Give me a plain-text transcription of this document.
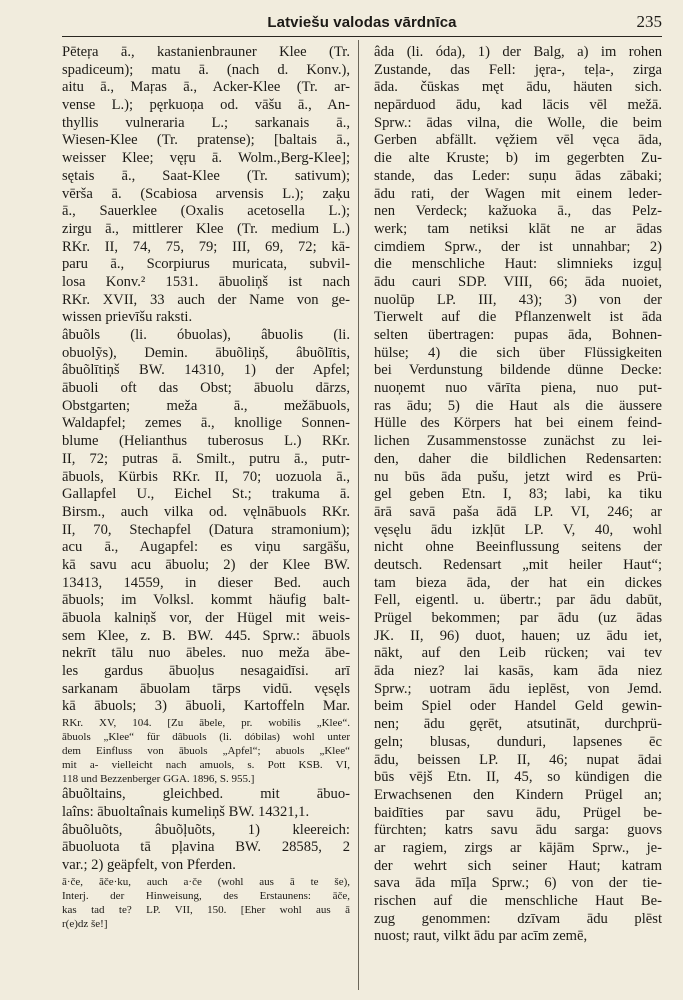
Latviešu valodas vārdnīca	235
Pēteŗa ā., kastanienbrauner Klee (Tr.
spadiceum); matu ā. (nach d. Konv.),
aitu ā., Maŗas ā., Acker-Klee (Tr. ar-
vense L.); pęrkuoņa od. vāšu ā., An-
thyllis vulneraria L.; sarkanais ā.,
Wiesen-Klee (Tr. pratense); [baltais ā.,
weisser Klee; vęŗu ā. Wolm.,Berg-Klee];
sętais ā., Saat-Klee (Tr. sativum);
vērša ā. (Scabiosa arvensis L.); zaķu
ā., Sauerklee (Oxalis acetosella L.);
zirgu ā., mittlerer Klee (Tr. medium L.)
RKr. II, 74, 75, 79; III, 69, 72; kā-
paru ā., Scorpiurus muricata, subvil-
losa Konv.² 1531. ābuoliņš ist nach
RKr. XVII, 33 auch der Name von ge-
wissen prievīšu raksti.
âbuõls (li. óbuolas), âbuolis (li.
obuolỹs), Demin. ābuõliņš, âbuõlītis,
âbuõlītiņš BW. 14310, 1) der Apfel;
ābuoli oft das Obst; ābuolu dārzs,
Obstgarten; meža ā., mežābuols,
Waldapfel; zemes ā., knollige Sonnen-
blume (Helianthus tuberosus L.) RKr.
II, 72; putras ā. Smilt., putru ā., putr-
ābuols, Kürbis RKr. II, 70; uozuola ā.,
Gallapfel U., Eichel St.; trakuma ā.
Birsm., auch vilka od. vęlnābuols RKr.
II, 70, Stechapfel (Datura stramonium);
acu ā., Augapfel: es viņu sargāšu,
kā savu acu ābuolu; 2) der Klee BW.
13413, 14559, in dieser Bed. auch
ābuols; im Volksl. kommt häufig balt-
ābuola kalniņš vor, der Hügel mit weis-
sem Klee, z. B. BW. 445. Sprw.: ābuols
nekrīt tālu nuo ābeles. nuo meža ābe-
les gardus ābuoļus nesagaidīsi. arī
sarkanam ābuolam tārps vidū. vęsęls
kā ābuols; 3) ābuoli, Kartoffeln Mar.
RKr. XV, 104. [Zu ābele, pr. wobilis „Klee“.
ābuols „Klee“ für dâbuols (li. dóbilas) wohl unter
dem Einfluss von ābuols „Apfel“; abuols „Klee“
mit a- vielleicht nach amuols, s. Pott KSB. VI,
118 und Bezzenberger GGA. 1896, S. 955.]
âbuõltains, gleichbed. mit ābuo-
laîns: ābuoltaînais kumeliņš BW. 14321,1.
âbuõluõts, âbuõļuõts, 1) kleereich:
ābuoluota tā pļavina BW. 28585, 2
var.; 2) geäpfelt, von Pferden.
ā·če, āče·ku, auch a·če (wohl aus ā te še),
Interj. der Hinweisung, des Erstaunens: āče,
kas tad te? LP. VII, 150. [Eher wohl aus ā
r(e)dz še!]
âda (li. óda), 1) der Balg, a) im rohen
Zustande, das Fell: jęra-, teļa-, zirga
āda. čūskas męt ādu, häuten sich.
nepārduod ādu, kad lācis vēl mežā.
Sprw.: ādas vilna, die Wolle, die beim
Gerben abfällt. vęžiem vēl vęca āda,
die alte Kruste; b) im gegerbten Zu-
stande, das Leder: suņu ādas zābaki;
ādu rati, der Wagen mit einem leder-
nen Verdeck; kažuoka ā., das Pelz-
werk; tam netiksi klāt ne ar ādas
cimdiem Sprw., der ist unnahbar; 2)
die menschliche Haut: slimnieks izguļ
ādu cauri SDP. VIII, 66; āda nuoiet,
nuolūp LP. III, 43); 3) von der
Tierwelt auf die Pflanzenwelt ist āda
selten übertragen: pupas āda, Bohnen-
hülse; 4) die sich über Flüssigkeiten
bei Verdunstung bildende dünne Decke:
nuoņemt nuo vārīta piena, nuo put-
ras ādu; 5) die Haut als die äussere
Hülle des Körpers hat bei einem feind-
lichen Zusammenstosse zunächst zu lei-
den, daher die bildlichen Redensarten:
nu būs āda pušu, jetzt wird es Prü-
gel geben Etn. I, 83; labi, ka tiku
ārā savā paša ādā LP. VI, 246; ar
vęsęlu ādu izkļūt LP. V, 40, wohl
nicht ohne Beeinflussung seitens der
deutsch. Redensart „mit heiler Haut“;
tam bieza āda, der hat ein dickes
Fell, eigentl. u. übertr.; par ādu dabūt,
Prügel bekommen; par ādu (uz ādas
JK. II, 96) duot, hauen; uz ādu iet,
nākt, auf den Leib rücken; vai tev
āda niez? lai kasās, kam āda niez
Sprw.; uotram ādu ieplēst, von Jemd.
beim Spiel oder Handel Geld gewin-
nen; ādu gęrēt, atsutināt, durchprü-
geln; blusas, dunduri, lapsenes ēc
ādu, beissen LP. II, 46; nupat ādai
būs vējš Etn. II, 45, so kündigen die
Erwachsenen den Kindern Prügel an;
baidīties par savu ādu, Prügel be-
fürchten; katrs savu ādu sarga: guovs
ar ragiem, zirgs ar kājām Sprw., je-
der wehrt sich seiner Haut; katram
sava āda mīļa Sprw.; 6) von der tie-
rischen auf die menschliche Haut Be-
zug genommen: dzīvam ādu plēst
nuost; raut, vilkt ādu par acīm zemē,
